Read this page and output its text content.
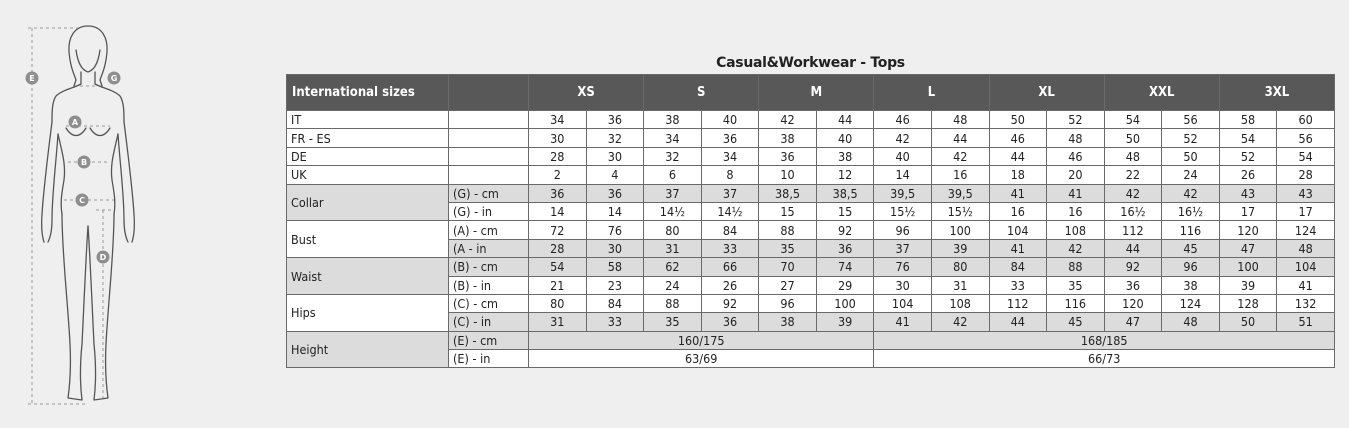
E	G
A
B
C
D
Casual&Workwear - Tops
International sizes		XS		S		M		L		XL		XXL		3XL	
IT		34	36	38	40	42	44	46	48	50	52	54	56	58	60
FR - ES		30	32	34	36	38	40	42	44	46	48	50	52	54	56
DE		28	30	32	34	36	38	40	42	44	46	48	50	52	54
UK		2	4	6	8	10	12	14	16	18	20	22	24	26	28
Collar	(G) - cm	36	36	37	37	38,5	38,5	39,5	39,5	41	41	42	42	43	43
	(G) - in	14	14	14½	14½	15	15	15½	15½	16	16	16½	16½	17	17
Bust	(A) - cm	72	76	80	84	88	92	96	100	104	108	112	116	120	124
	(A - in	28	30	31	33	35	36	37	39	41	42	44	45	47	48
Waist	(B) - cm	54	58	62	66	70	74	76	80	84	88	92	96	100	104
	(B) - in	21	23	24	26	27	29	30	31	33	35	36	38	39	41
Hips	(C) - cm	80	84	88	92	96	100	104	108	112	116	120	124	128	132
	(C) - in	31	33	35	36	38	39	41	42	44	45	47	48	50	51
Height	(E) - cm	160/175						168/185							
	(E) - in	63/69						66/73							
